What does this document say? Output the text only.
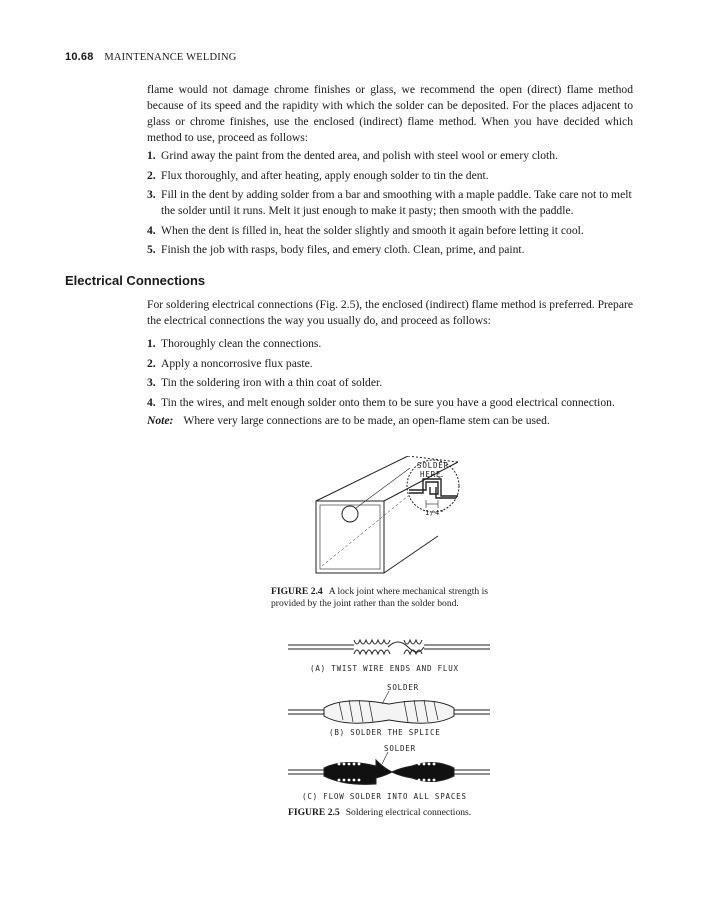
10.68 MAINTENANCE WELDING

flame would not damage chrome finishes or glass, we recommend the open (direct) flame method because of its speed and the rapidity with which the solder can be deposited. For the places adjacent to glass or chrome finishes, use the enclosed (indirect) flame method. When you have decided which method to use, proceed as follows:

1. Grind away the paint from the dented area, and polish with steel wool or emery cloth.
2. Flux thoroughly, and after heating, apply enough solder to tin the dent.
3. Fill in the dent by adding solder from a bar and smoothing with a maple paddle. Take care not to melt the solder until it runs. Melt it just enough to make it pasty; then smooth with the paddle.
4. When the dent is filled in, heat the solder slightly and smooth it again before letting it cool.
5. Finish the job with rasps, body files, and emery cloth. Clean, prime, and paint.
Electrical Connections

For soldering electrical connections (Fig. 2.5), the enclosed (indirect) flame method is preferred. Prepare the electrical connections the way you usually do, and proceed as follows:

1. Thoroughly clean the connections.
2. Apply a noncorrosive flux paste.
3. Tin the soldering iron with a thin coat of solder.
4. Tin the wires, and melt enough solder onto them to be sure you have a good electrical connection.
Note: Where very large connections are to be made, an open-flame stem can be used.
SOLDER
HERE
1/4"
FIGURE 2.4 A lock joint where mechanical strength is provided by the joint rather than the solder bond.
(A) TWIST WIRE ENDS AND FLUX
SOLDER
(B) SOLDER THE SPLICE
SOLDER
(C) FLOW SOLDER INTO ALL SPACES
FIGURE 2.5 Soldering electrical connections.
